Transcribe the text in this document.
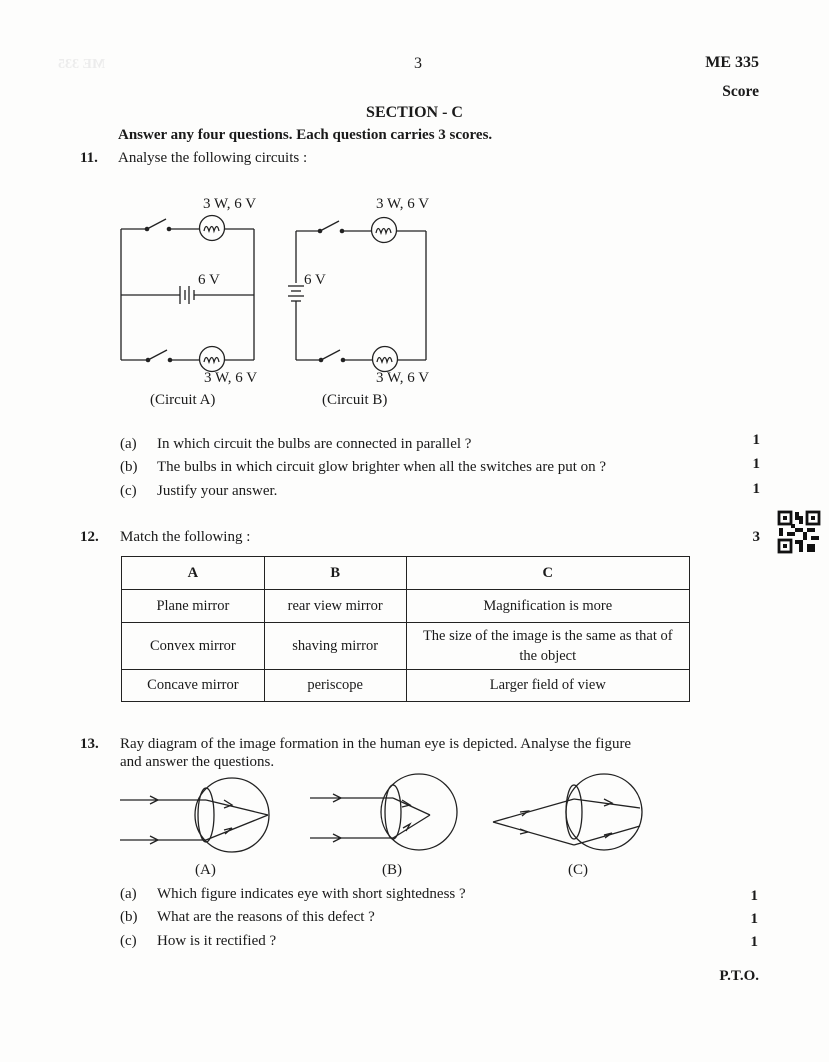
ME 335	3	ME 335
Score
SECTION - C
Answer any four questions. Each question carries 3 scores.
11. Analyse the following circuits :
3 W, 6 V
6 V
3 W, 6 V
(Circuit A)
3 W, 6 V
6 V
3 W, 6 V
(Circuit B)
(a) In which circuit the bulbs are connected in parallel ?	1
(b) The bulbs in which circuit glow brighter when all the switches are put on ?	1
(c) Justify your answer.	1
12. Match the following :	3
A	B	C
Plane mirror	rear view mirror	Magnification is more
Convex mirror	shaving mirror	The size of the image is the same as that of the object
Concave mirror	periscope	Larger field of view
13. Ray diagram of the image formation in the human eye is depicted. Analyse the figure
and answer the questions.
(A)	(B)	(C)
(a) Which figure indicates eye with short sightedness ?	1
(b) What are the reasons of this defect ?	1
(c) How is it rectified ?	1
P.T.O.
